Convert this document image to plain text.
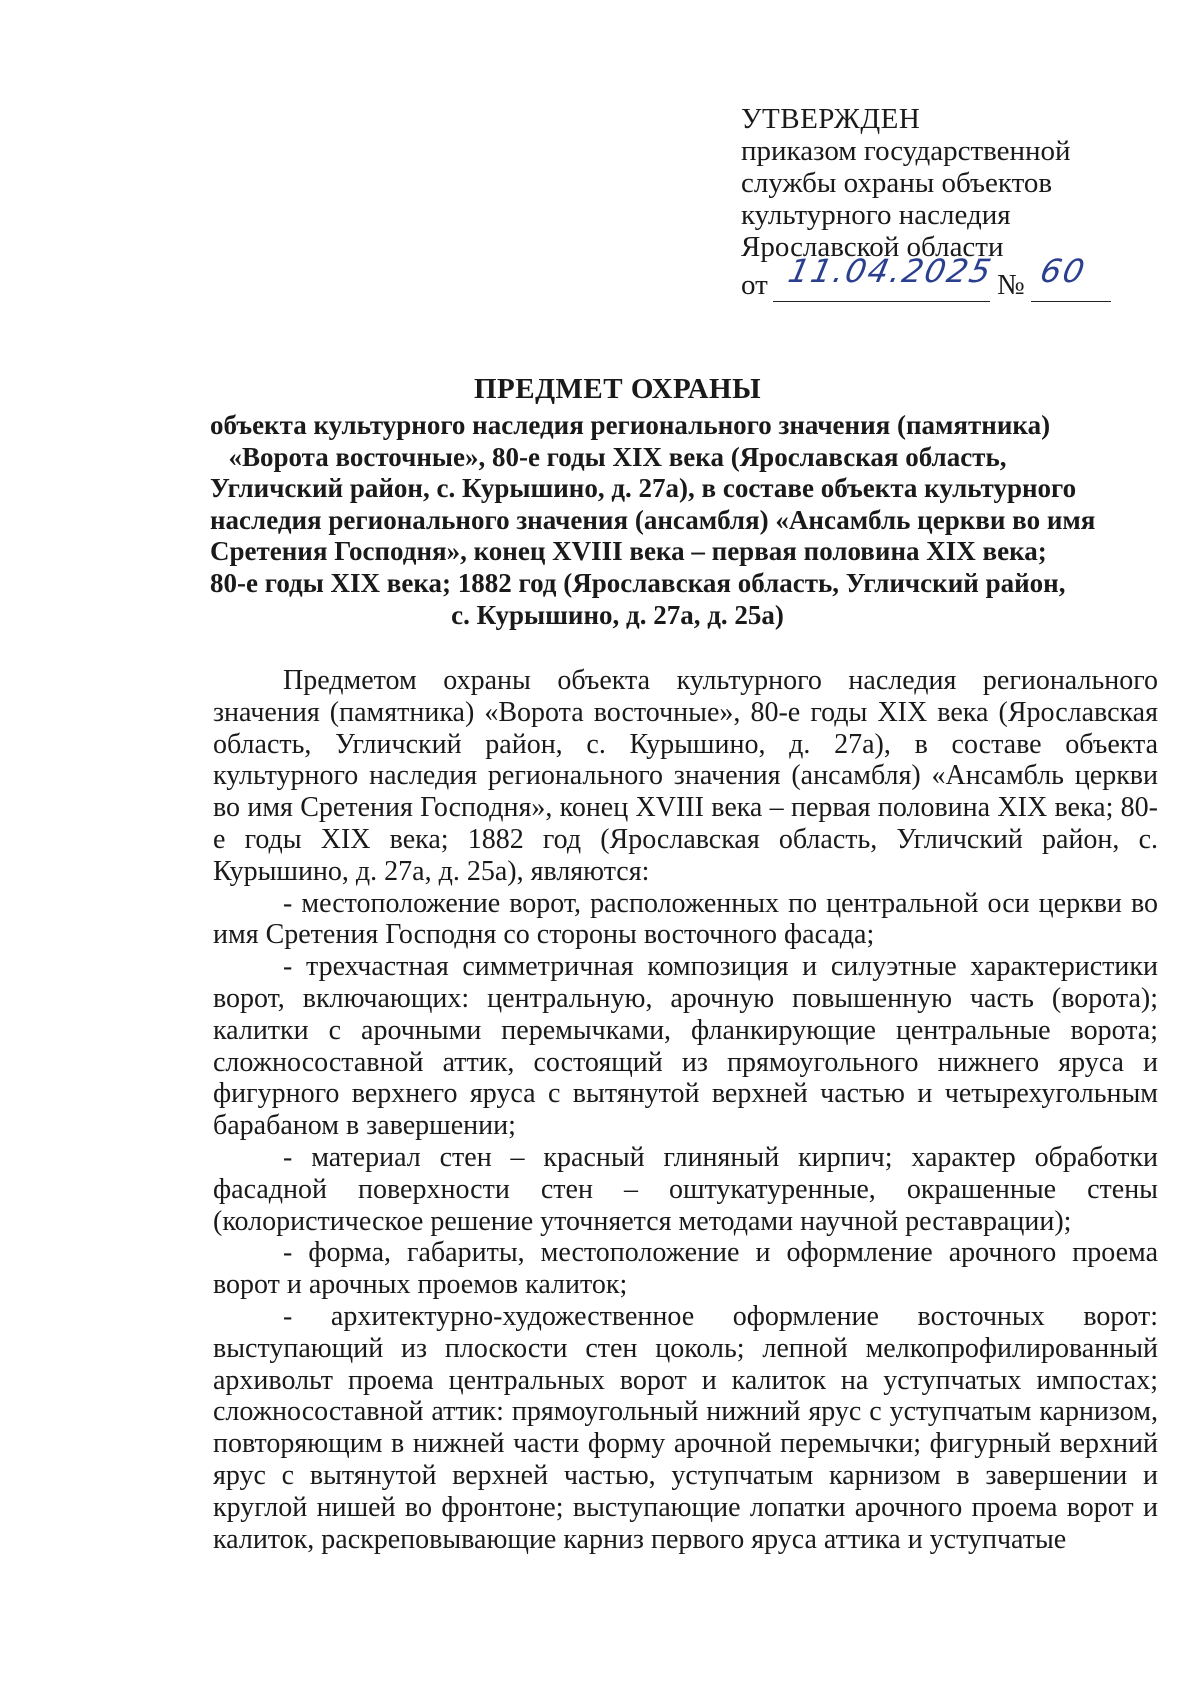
УТВЕРЖДЕН
приказом государственной
службы охраны объектов
культурного наследия
Ярославской области
от 11.04.2025 № 60
ПРЕДМЕТ ОХРАНЫ
объекта культурного наследия регионального значения (памятника)
«Ворота восточные», 80-е годы XIX века (Ярославская область,
Угличский район, с. Курышино, д. 27а), в составе объекта культурного
наследия регионального значения (ансамбля) «Ансамбль церкви во имя
Сретения Господня», конец XVIII века – первая половина XIX века;
80-е годы XIX века; 1882 год (Ярославская область, Угличский район,
с. Курышино, д. 27а, д. 25а)

Предметом охраны объекта культурного наследия регионального значения (памятника) «Ворота восточные», 80-е годы XIX века (Ярославская область, Угличский район, с. Курышино, д. 27а), в составе объекта культурного наследия регионального значения (ансамбля) «Ансамбль церкви во имя Сретения Господня», конец XVIII века – первая половина XIX века; 80-е годы XIX века; 1882 год (Ярославская область, Угличский район, с. Курышино, д. 27а, д. 25а), являются:

- местоположение ворот, расположенных по центральной оси церкви во имя Сретения Господня со стороны восточного фасада;

- трехчастная симметричная композиция и силуэтные характеристики ворот, включающих: центральную, арочную повышенную часть (ворота); калитки с арочными перемычками, фланкирующие центральные ворота; сложносоставной аттик, состоящий из прямоугольного нижнего яруса и фигурного верхнего яруса с вытянутой верхней частью и четырехугольным барабаном в завершении;

- материал стен – красный глиняный кирпич; характер обработки фасадной поверхности стен – оштукатуренные, окрашенные стены (колористическое решение уточняется методами научной реставрации);

- форма, габариты, местоположение и оформление арочного проема ворот и арочных проемов калиток;

- архитектурно-художественное оформление восточных ворот: выступающий из плоскости стен цоколь; лепной мелкопрофилированный архивольт проема центральных ворот и калиток на уступчатых импостах; сложносоставной аттик: прямоугольный нижний ярус с уступчатым карнизом, повторяющим в нижней части форму арочной перемычки; фигурный верхний ярус с вытянутой верхней частью, уступчатым карнизом в завершении и круглой нишей во фронтоне; выступающие лопатки арочного проема ворот и калиток, раскреповывающие карниз первого яруса аттика и уступчатые
